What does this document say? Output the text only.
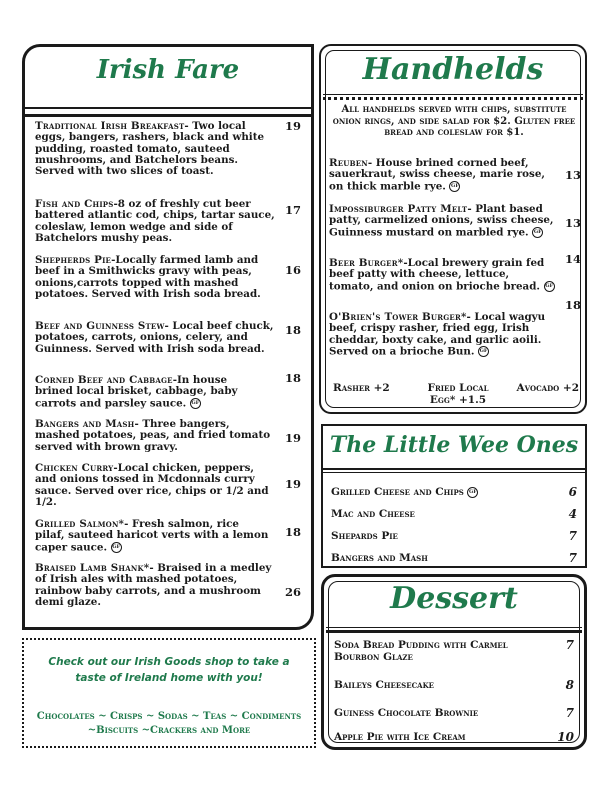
Irish Fare
Traditional Irish Breakfast- Two local eggs, bangers, rashers, black and white pudding, roasted tomato, sauteed mushrooms, and Batchelors beans. Served with two slices of toast.
19
Fish and Chips-8 oz of freshly cut beer battered atlantic cod, chips, tartar sauce, coleslaw, lemon wedge and side of Batchelors mushy peas.
17
Shepherds Pie-Locally farmed lamb and beef in a Smithwicks gravy with peas, onions,carrots topped with mashed potatoes. Served with Irish soda bread.
16
Beef and Guinness Stew- Local beef chuck, potatoes, carrots, onions, celery, and Guinness. Served with Irish soda bread.
18
Corned Beef and Cabbage-In house brined local brisket, cabbage, baby carrots and parsley sauce. GF
18
Bangers and Mash- Three bangers, mashed potatoes, peas, and fried tomato served with brown gravy.
19
Chicken Curry-Local chicken, peppers, and onions tossed in Mcdonnals curry sauce. Served over rice, chips or 1/2 and 1/2.
19
Grilled Salmon*- Fresh salmon, rice pilaf, sauteed haricot verts with a lemon caper sauce. GF
18
Braised Lamb Shank*- Braised in a medley of Irish ales with mashed potatoes, rainbow baby carrots, and a mushroom demi glaze.
26
Check out our Irish Goods shop to take a taste of Ireland home with you!
Chocolates ~ Crisps ~ Sodas ~ Teas ~ Condiments ~Biscuits ~Crackers and More
Handhelds
All handhelds served with chips, substitute onion rings, and side salad for $2. Gluten free bread and coleslaw for $1.
Reuben- House brined corned beef, sauerkraut, swiss cheese, marie rose, on thick marble rye. GF
13
Impossiburger Patty Melt- Plant based patty, carmelized onions, swiss cheese, Guinness mustard on marbled rye. GF
13
Beer Burger*-Local brewery grain fed beef patty with cheese, lettuce, tomato, and onion on brioche bread. GF
14
O'Brien's Tower Burger*- Local wagyu beef, crispy rasher, fried egg, Irish cheddar, boxty cake, and garlic aoili. Served on a brioche Bun. GF
18
Rasher +2	Fried Local Egg* +1.5
Avocado +2
The Little Wee Ones
Grilled Cheese and Chips GF	6
Mac and Cheese	4
Shepards Pie	7
Bangers and Mash	7
Dessert
Soda Bread Pudding with Carmel Bourbon Glaze
7
Baileys Cheesecake	8
Guiness Chocolate Brownie	7
Apple Pie with Ice Cream	10
